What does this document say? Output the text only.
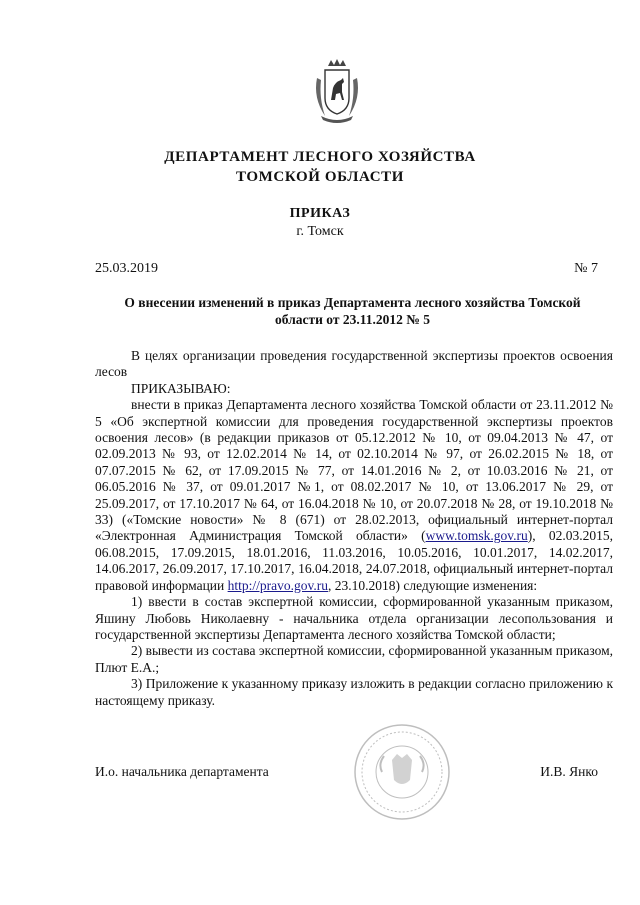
ДЕПАРТАМЕНТ ЛЕСНОГО ХОЗЯЙСТВА
ТОМСКОЙ ОБЛАСТИ
ПРИКАЗ
г. Томск
25.03.2019	№ 7
О внесении изменений в приказ Департамента лесного хозяйства Томской
области от 23.11.2012 № 5

В целях организации проведения государственной экспертизы проектов освоения лесов

ПРИКАЗЫВАЮ:

внести в приказ Департамента лесного хозяйства Томской области от 23.11.2012 № 5 «Об экспертной комиссии для проведения государственной экспертизы проектов освоения лесов» (в редакции приказов от 05.12.2012 № 10, от 09.04.2013 № 47, от 02.09.2013 № 93, от 12.02.2014 № 14, от 02.10.2014 № 97, от 26.02.2015 № 18, от 07.07.2015 № 62, от 17.09.2015 № 77, от 14.01.2016 № 2, от 10.03.2016 № 21, от 06.05.2016 № 37, от 09.01.2017 №1, от 08.02.2017 № 10, от 13.06.2017 № 29, от 25.09.2017, от 17.10.2017 № 64, от 16.04.2018 № 10, от 20.07.2018 № 28, от 19.10.2018 № 33) («Томские новости» № 8 (671) от 28.02.2013, официальный интернет-портал «Электронная Администрация Томской области» (www.tomsk.gov.ru), 02.03.2015, 06.08.2015, 17.09.2015, 18.01.2016, 11.03.2016, 10.05.2016, 10.01.2017, 14.02.2017, 14.06.2017, 26.09.2017, 17.10.2017, 16.04.2018, 24.07.2018, официальный интернет-портал правовой информации http://pravo.gov.ru, 23.10.2018) следующие изменения:

1) ввести в состав экспертной комиссии, сформированной указанным приказом, Яшину Любовь Николаевну - начальника отдела организации лесопользования и государственной экспертизы Департамента лесного хозяйства Томской области;

2) вывести из состава экспертной комиссии, сформированной указанным приказом, Плют Е.А.;

3) Приложение к указанному приказу изложить в редакции согласно приложению к настоящему приказу.

И.о. начальника департамента	И.В. Янко
